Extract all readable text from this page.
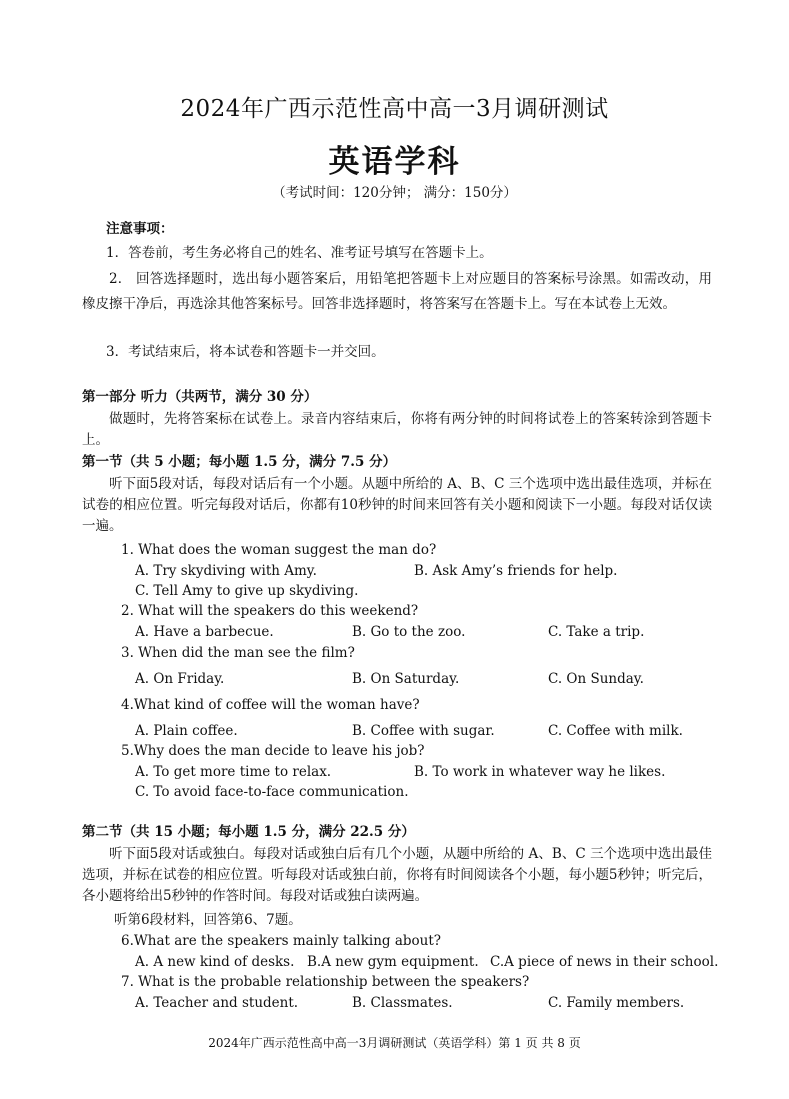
2024年广西示范性高中高一3月调研测试
英语学科
（考试时间：120分钟； 满分：150分）
注意事项：
1．答卷前，考生务必将自己的姓名、准考证号填写在答题卡上。
2． 回答选择题时，选出每小题答案后，用铅笔把答题卡上对应题目的答案标号涂黑。如需改动，用橡皮擦干净后，再选涂其他答案标号。回答非选择题时，将答案写在答题卡上。写在本试卷上无效。
3．考试结束后，将本试卷和答题卡一并交回。
第一部分 听力（共两节，满分 30 分）
做题时，先将答案标在试卷上。录音内容结束后，你将有两分钟的时间将试卷上的答案转涂到答题卡上。
第一节（共 5 小题；每小题 1.5 分，满分 7.5 分）
听下面5段对话，每段对话后有一个小题。从题中所给的 A、B、C 三个选项中选出最佳选项，并标在试卷的相应位置。听完每段对话后，你都有10秒钟的时间来回答有关小题和阅读下一小题。每段对话仅读一遍。
1. What does the woman suggest the man do?
A. Try skydiving with Amy.	B. Ask Amy’s friends for help.
C. Tell Amy to give up skydiving.
2. What will the speakers do this weekend?
A. Have a barbecue.	B. Go to the zoo.	C. Take a trip.
3. When did the man see the film?
A. On Friday.	B. On Saturday.	C. On Sunday.
4.What kind of coffee will the woman have?
A. Plain coffee.	B. Coffee with sugar.	C. Coffee with milk.
5.Why does the man decide to leave his job?
A. To get more time to relax.	B. To work in whatever way he likes.
C. To avoid face-to-face communication.
第二节（共 15 小题；每小题 1.5 分，满分 22.5 分）
听下面5段对话或独白。每段对话或独白后有几个小题，从题中所给的 A、B、C 三个选项中选出最佳选项，并标在试卷的相应位置。听每段对话或独白前，你将有时间阅读各个小题，每小题5秒钟；听完后，各小题将给出5秒钟的作答时间。每段对话或独白读两遍。
听第6段材料，回答第6、7题。
6.What are the speakers mainly talking about?
A. A new kind of desks. B.A new gym equipment. C.A piece of news in their school.
7. What is the probable relationship between the speakers?
A. Teacher and student.	B. Classmates.	C. Family members.
2024年广西示范性高中高一3月调研测试（英语学科）第 1 页 共 8 页
